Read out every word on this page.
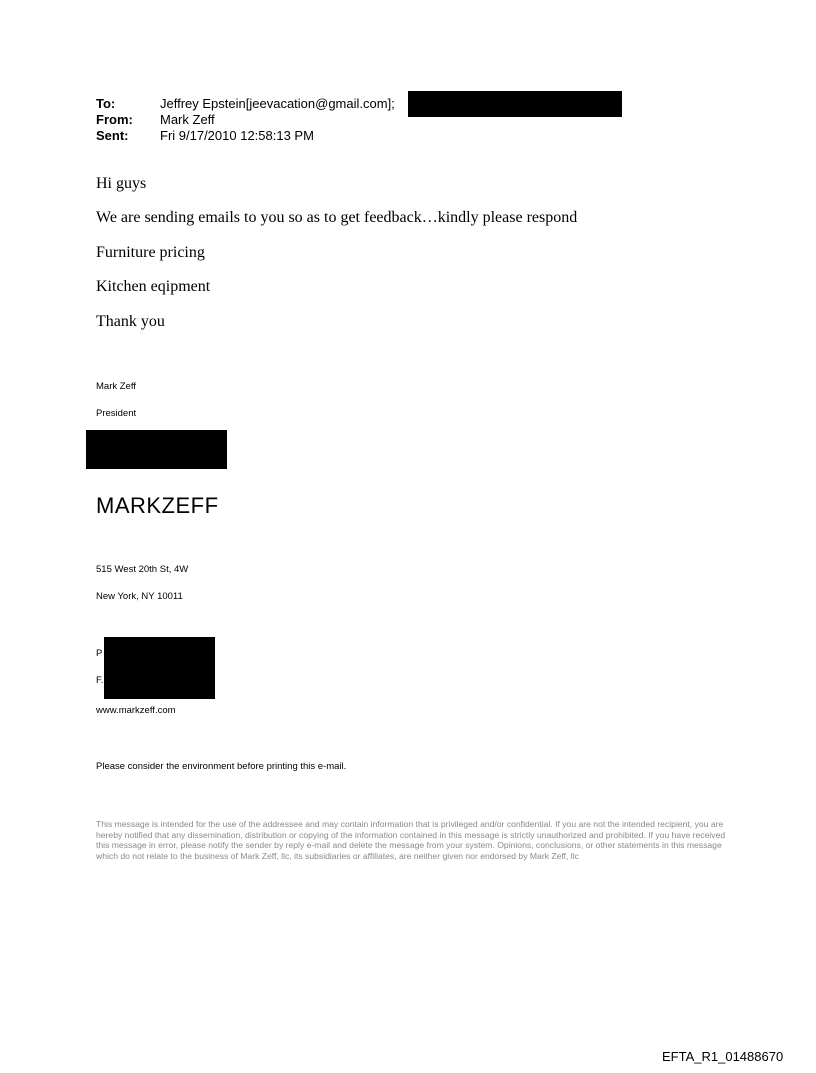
To:	Jeffrey Epstein[jeevacation@gmail.com];
From: Mark Zeff
Sent: Fri 9/17/2010 12:58:13 PM
Hi guys
We are sending emails to you so as to get feedback…kindly please respond
Furniture pricing
Kitchen eqipment
Thank you
Mark Zeff
President
MARKZEFF
515 West 20th St, 4W
New York, NY 10011
P
F.
www.markzeff.com
Please consider the environment before printing this e-mail.
This message is intended for the use of the addressee and may contain information that is privileged and/or confidential. If you are not the intended recipient, you are hereby notified that any dissemination, distribution or copying of the information contained in this message is strictly unauthorized and prohibited. If you have received this message in error, please notify the sender by reply e-mail and delete the message from your system. Opinions, conclusions, or other statements in this message which do not relate to the business of Mark Zeff, llc, its subsidiaries or affiliates, are neither given nor endorsed by Mark Zeff, llc
EFTA_R1_01488670
